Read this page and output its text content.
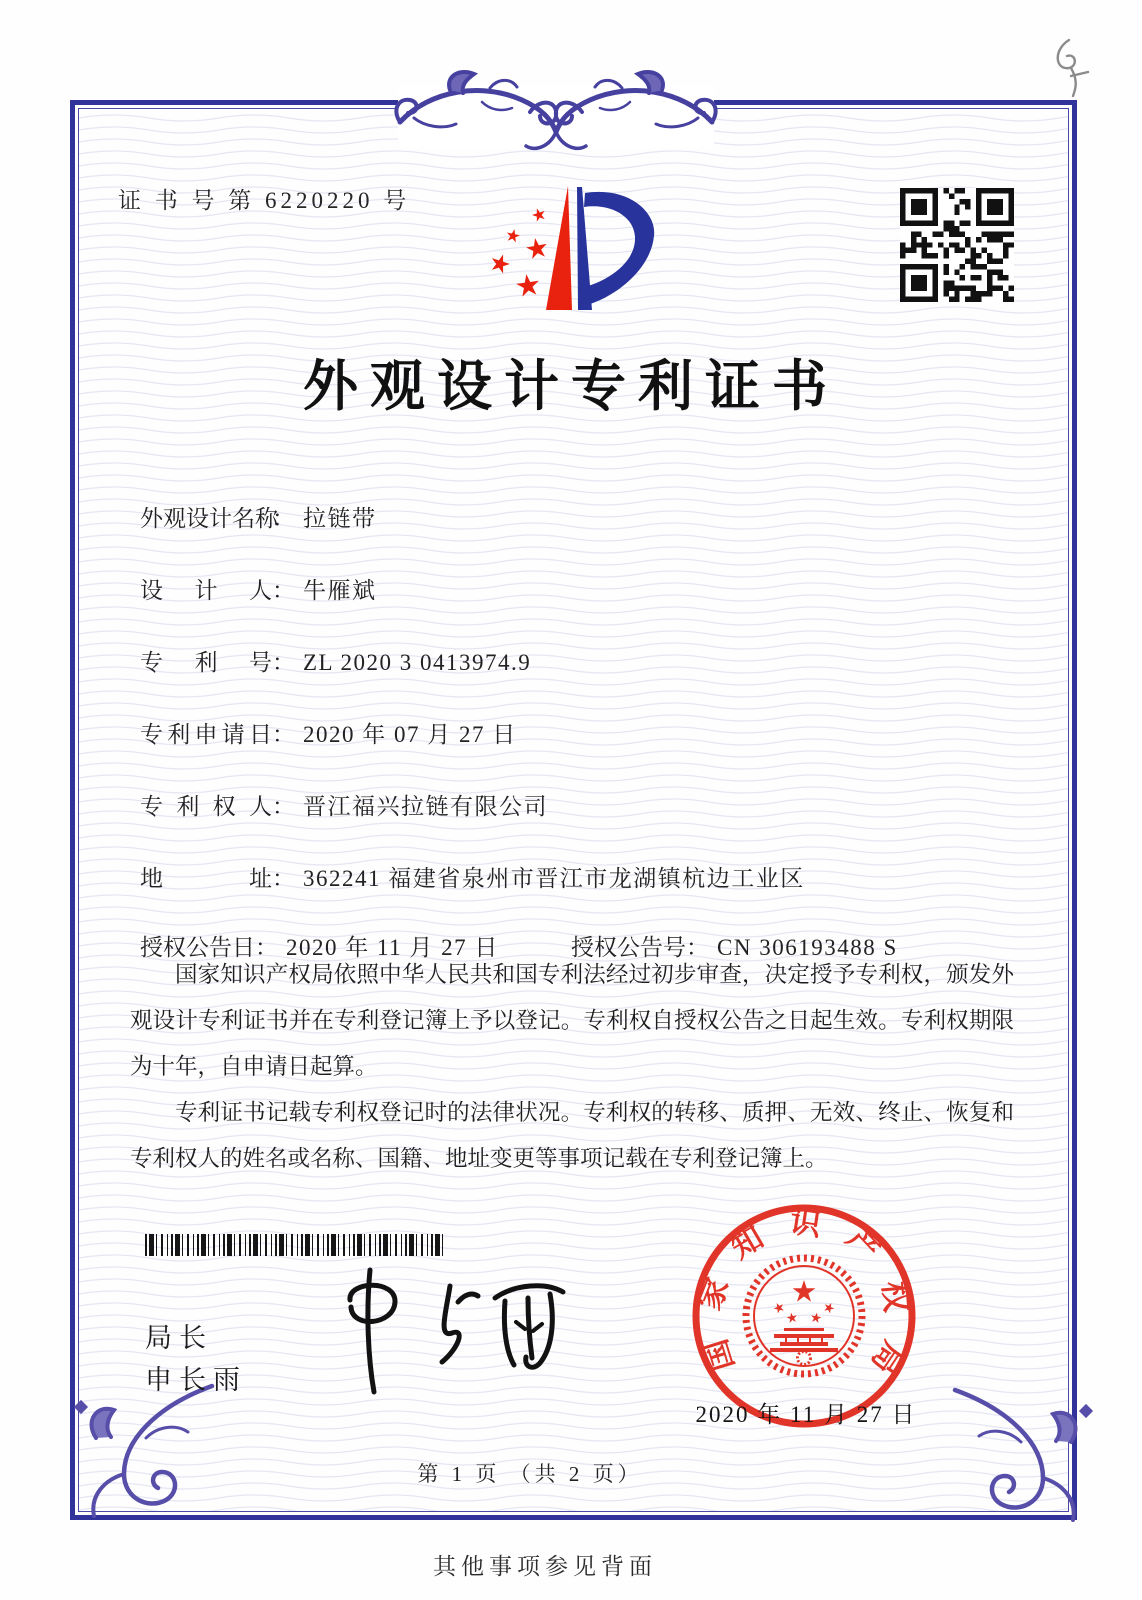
证 书 号 第 6220220 号
外观设计专利证书
外观设计名称： 拉链带
设计人： 牛雁斌
专利号： ZL 2020 3 0413974.9
专利申请日： 2020 年 07 月 27 日
专利权人： 晋江福兴拉链有限公司
地址： 362241 福建省泉州市晋江市龙湖镇杭边工业区
授权公告日： 2020 年 11 月 27 日	授权公告号： CN 306193488 S

国家知识产权局依照中华人民共和国专利法经过初步审查，决定授予专利权，颁发外观设计专利证书并在专利登记簿上予以登记。专利权自授权公告之日起生效。专利权期限为十年，自申请日起算。

专利证书记载专利权登记时的法律状况。专利权的转移、质押、无效、终止、恢复和专利权人的姓名或名称、国籍、地址变更等事项记载在专利登记簿上。

局长
申长雨
国家知识产权局
2020 年 11 月 27 日
第 1 页 （共 2 页）
其他事项参见背面
